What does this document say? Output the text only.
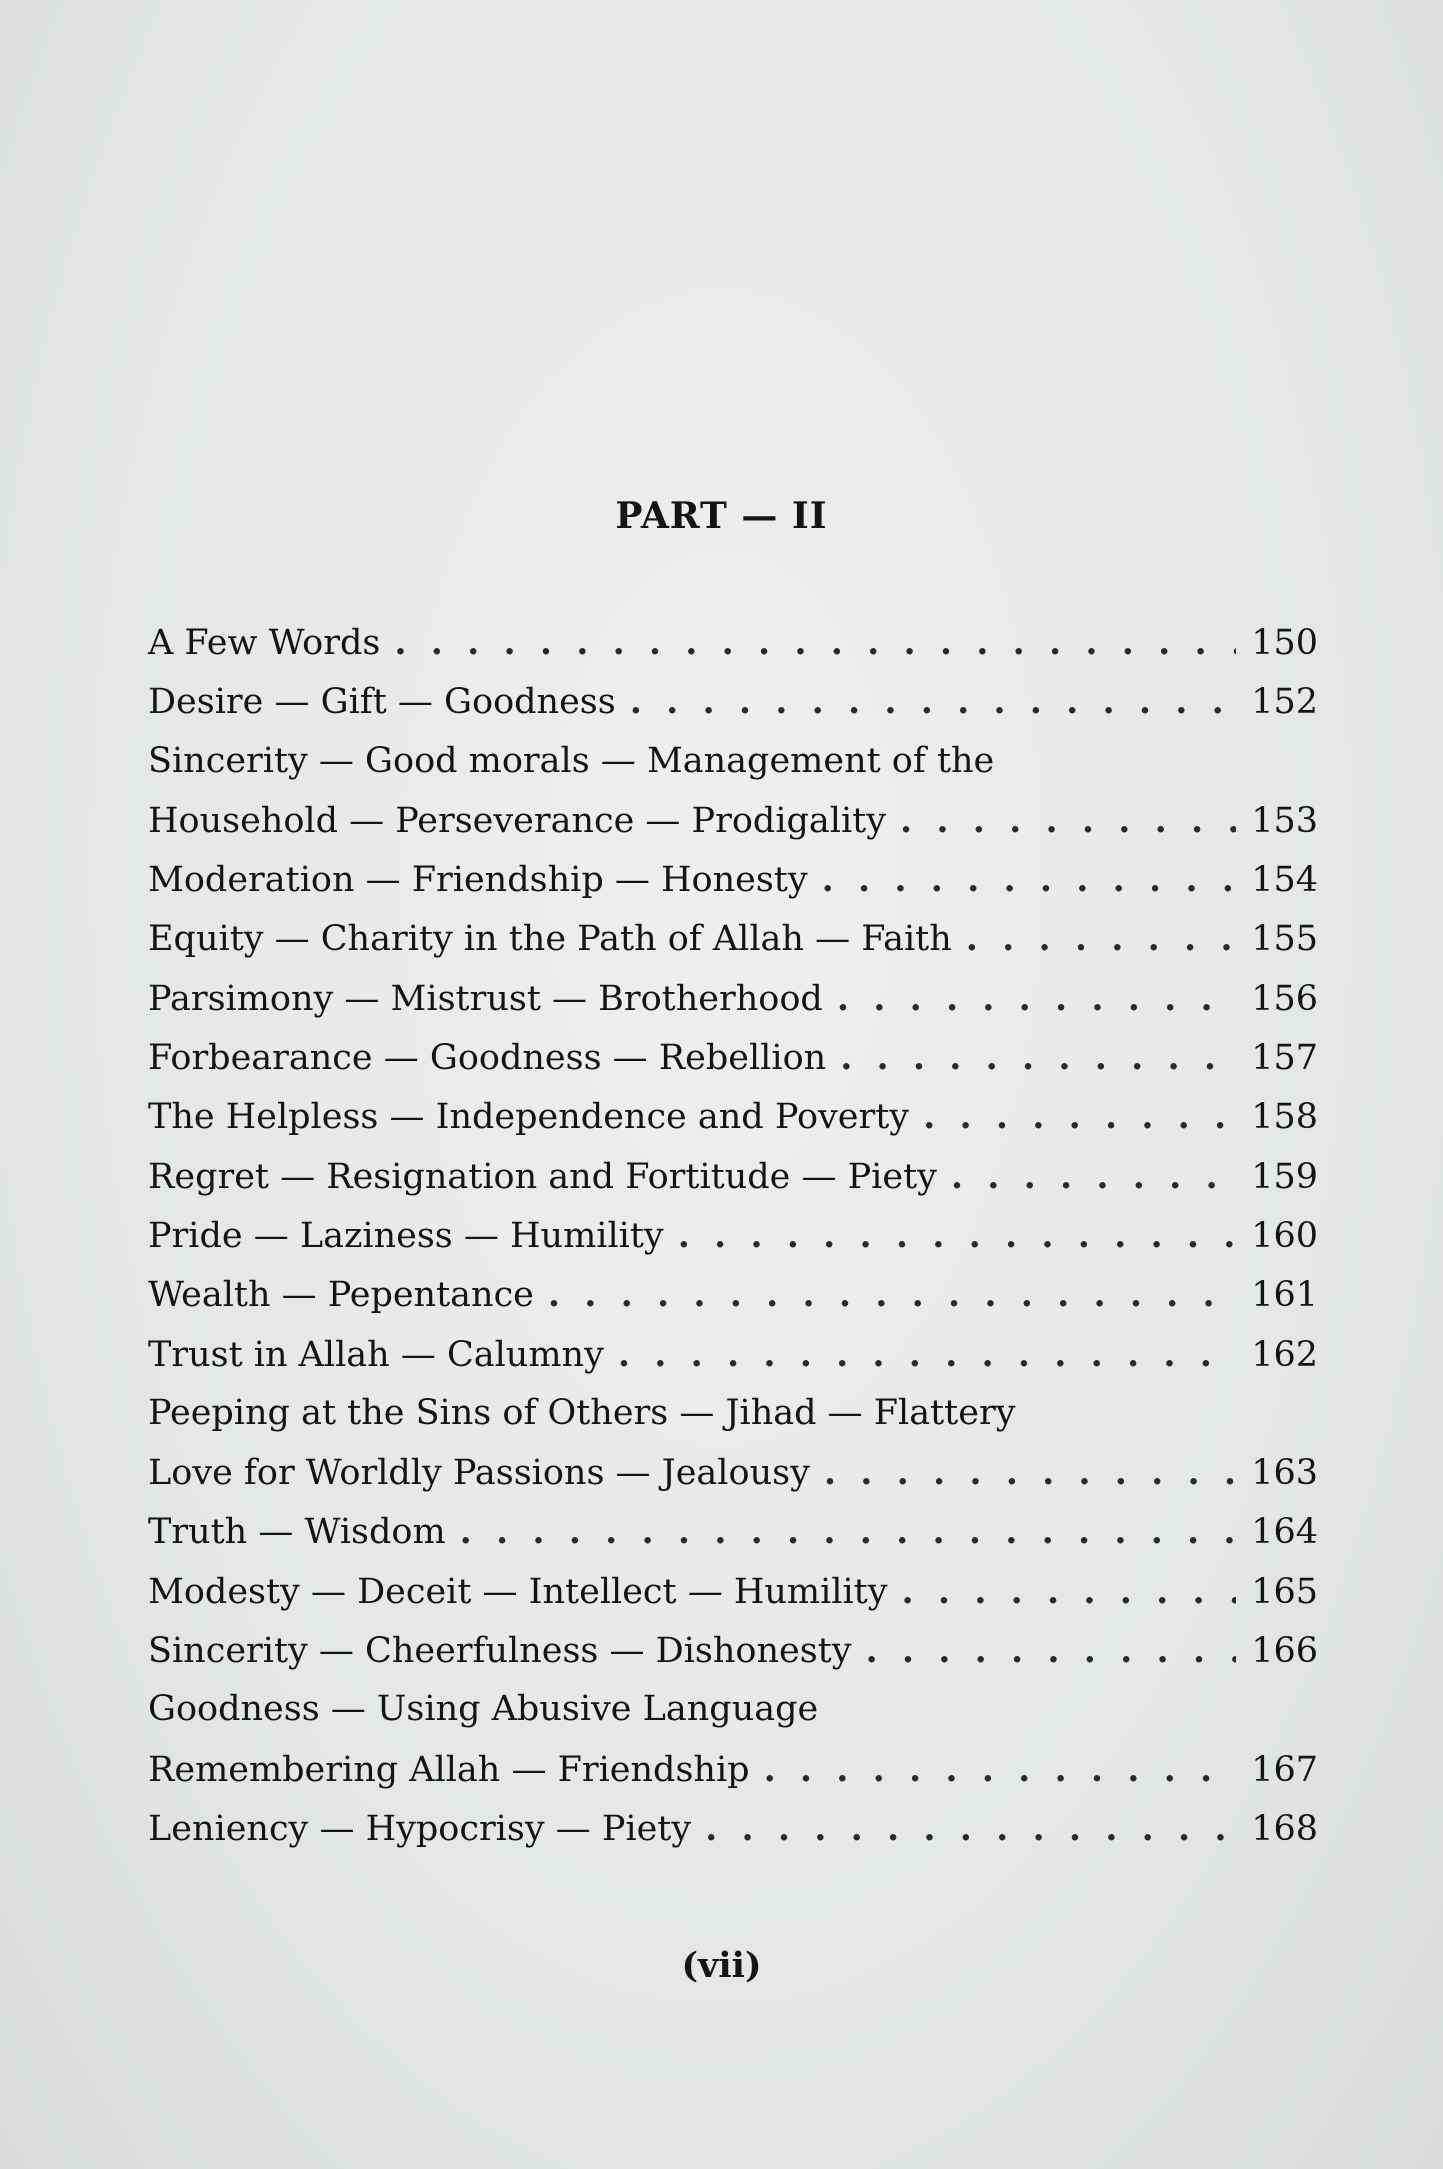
PART — II
A Few Words . . .	150
Desire — Gift — Goodness . . .	152
Sincerity — Good morals — Management of the
Household — Perseverance — Prodigality . . .	153
Moderation — Friendship — Honesty . . .	154
Equity — Charity in the Path of Allah — Faith . . .	155
Parsimony — Mistrust — Brotherhood . . .	156
Forbearance — Goodness — Rebellion . . .	157
The Helpless — Independence and Poverty . . .	158
Regret — Resignation and Fortitude — Piety . . .	159
Pride — Laziness — Humility . . .	160
Wealth — Pepentance . . .	161
Trust in Allah — Calumny . . .	162
Peeping at the Sins of Others — Jihad — Flattery
Love for Worldly Passions — Jealousy . . .	163
Truth — Wisdom . . .	164
Modesty — Deceit — Intellect — Humility . . .	165
Sincerity — Cheerfulness — Dishonesty . . .	166
Goodness — Using Abusive Language
Remembering Allah — Friendship . . .	167
Leniency — Hypocrisy — Piety . . .	168
(vii)
